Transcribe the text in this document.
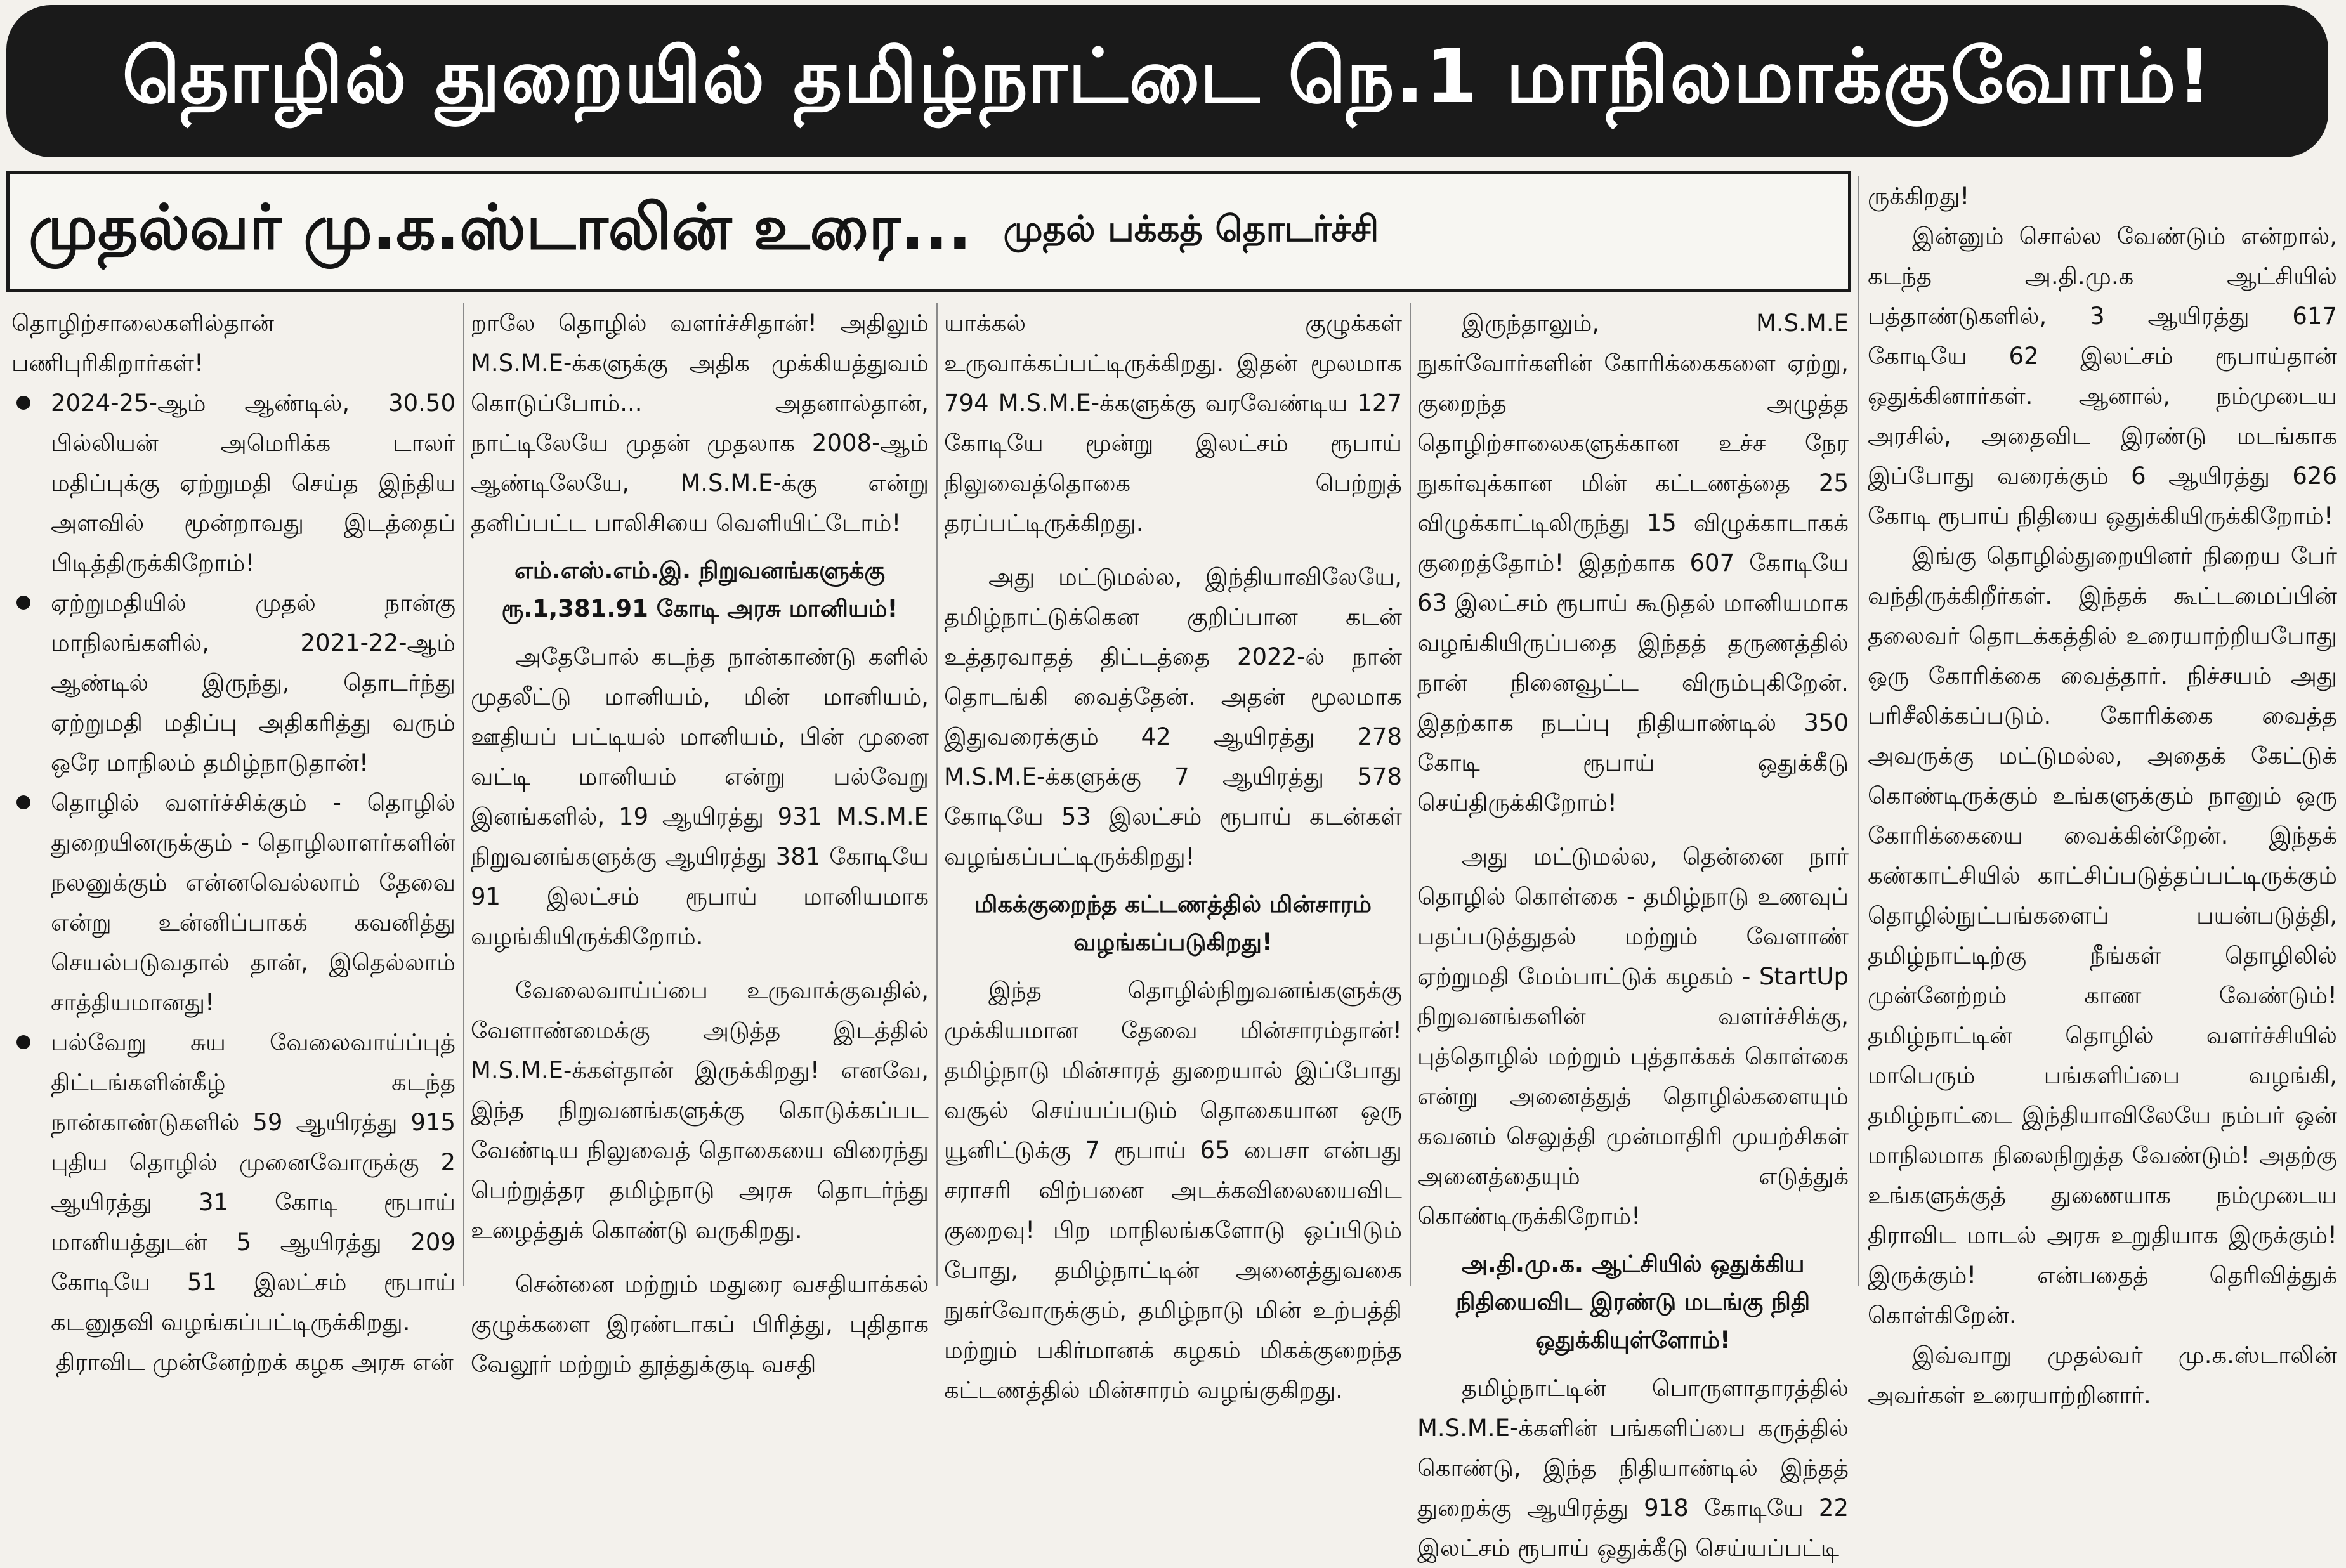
தொழில் துறையில் தமிழ்நாட்டை நெ.1 மாநிலமாக்குவோம்!
முதல்வர் மு.க.ஸ்டாலின் உரை... முதல் பக்கத் தொடர்ச்சி

தொழிற்சாலைகளில்தான் பணிபுரிகிறார்கள்!

2024-25-ஆம் ஆண்டில், 30.50 பில்லியன் அமெரிக்க டாலர் மதிப்புக்கு ஏற்றுமதி செய்த இந்திய அளவில் மூன்றாவது இடத்தைப் பிடித்திருக்கிறோம்!
ஏற்றுமதியில் முதல் நான்கு மாநிலங்களில், 2021-22-ஆம் ஆண்டில் இருந்து, தொடர்ந்து ஏற்றுமதி மதிப்பு அதிகரித்து வரும் ஒரே மாநிலம் தமிழ்நாடுதான்!
தொழில் வளர்ச்சிக்கும் - தொழில் துறையினருக்கும் - தொழிலாளர்களின் நலனுக்கும் என்னவெல்லாம் தேவை என்று உன்னிப்பாகக் கவனித்து செயல்படுவதால் தான், இதெல்லாம் சாத்தியமானது!
பல்வேறு சுய வேலைவாய்ப்புத் திட்டங்களின்கீழ் கடந்த நான்காண்டுகளில் 59 ஆயிரத்து 915 புதிய தொழில் முனைவோருக்கு 2 ஆயிரத்து 31 கோடி ரூபாய் மானியத்துடன் 5 ஆயிரத்து 209 கோடியே 51 இலட்சம் ரூபாய் கடனுதவி வழங்கப்பட்டிருக்கிறது.

திராவிட முன்னேற்றக் கழக அரசு என்

றாலே தொழில் வளர்ச்சிதான்! அதிலும் M.S.M.E-க்களுக்கு அதிக முக்கியத்துவம் கொடுப்போம்... அதனால்தான், நாட்டிலேயே முதன் முதலாக 2008-ஆம் ஆண்டிலேயே, M.S.M.E-க்கு என்று தனிப்பட்ட பாலிசியை வெளியிட்டோம்!

எம்.எஸ்.எம்.இ. நிறுவனங்களுக்கு ரூ.1,381.91 கோடி அரசு மானியம்!

அதேபோல் கடந்த நான்காண்டு களில் முதலீட்டு மானியம், மின் மானியம், ஊதியப் பட்டியல் மானியம், பின் முனை வட்டி மானியம் என்று பல்வேறு இனங்களில், 19 ஆயிரத்து 931 M.S.M.E நிறுவனங்களுக்கு ஆயிரத்து 381 கோடியே 91 இலட்சம் ரூபாய் மானியமாக வழங்கியிருக்கிறோம்.

வேலைவாய்ப்பை உருவாக்குவதில், வேளாண்மைக்கு அடுத்த இடத்தில் M.S.M.E-க்கள்தான் இருக்கிறது! எனவே, இந்த நிறுவனங்களுக்கு கொடுக்கப்பட வேண்டிய நிலுவைத் தொகையை விரைந்து பெற்றுத்தர தமிழ்நாடு அரசு தொடர்ந்து உழைத்துக் கொண்டு வருகிறது.

சென்னை மற்றும் மதுரை வசதியாக்கல் குழுக்களை இரண்டாகப் பிரித்து, புதிதாக வேலூர் மற்றும் தூத்துக்குடி வசதி

யாக்கல் குழுக்கள் உருவாக்கப்பட்டிருக்கிறது. இதன் மூலமாக 794 M.S.M.E-க்களுக்கு வரவேண்டிய 127 கோடியே மூன்று இலட்சம் ரூபாய் நிலுவைத்தொகை பெற்றுத் தரப்பட்டிருக்கிறது.

அது மட்டுமல்ல, இந்தியாவிலேயே, தமிழ்நாட்டுக்கென குறிப்பான கடன் உத்தரவாதத் திட்டத்தை 2022-ல் நான் தொடங்கி வைத்தேன். அதன் மூலமாக இதுவரைக்கும் 42 ஆயிரத்து 278 M.S.M.E-க்களுக்கு 7 ஆயிரத்து 578 கோடியே 53 இலட்சம் ரூபாய் கடன்கள் வழங்கப்பட்டிருக்கிறது!

மிகக்குறைந்த கட்டணத்தில் மின்சாரம் வழங்கப்படுகிறது!

இந்த தொழில்நிறுவனங்களுக்கு முக்கியமான தேவை மின்சாரம்தான்! தமிழ்நாடு மின்சாரத் துறையால் இப்போது வசூல் செய்யப்படும் தொகையான ஒரு யூனிட்டுக்கு 7 ரூபாய் 65 பைசா என்பது சராசரி விற்பனை அடக்கவிலையைவிட குறைவு! பிற மாநிலங்களோடு ஒப்பிடும் போது, தமிழ்நாட்டின் அனைத்துவகை நுகர்வோருக்கும், தமிழ்நாடு மின் உற்பத்தி மற்றும் பகிர்மானக் கழகம் மிகக்குறைந்த கட்டணத்தில் மின்சாரம் வழங்குகிறது.

இருந்தாலும், M.S.M.E நுகர்வோர்களின் கோரிக்கைகளை ஏற்று, குறைந்த அழுத்த தொழிற்சாலைகளுக்கான உச்ச நேர நுகர்வுக்கான மின் கட்டணத்தை 25 விழுக்காட்டிலிருந்து 15 விழுக்காடாகக் குறைத்தோம்! இதற்காக 607 கோடியே 63 இலட்சம் ரூபாய் கூடுதல் மானியமாக வழங்கியிருப்பதை இந்தத் தருணத்தில் நான் நினைவூட்ட விரும்புகிறேன். இதற்காக நடப்பு நிதியாண்டில் 350 கோடி ரூபாய் ஒதுக்கீடு செய்திருக்கிறோம்!

அது மட்டுமல்ல, தென்னை நார் தொழில் கொள்கை - தமிழ்நாடு உணவுப் பதப்படுத்துதல் மற்றும் வேளாண் ஏற்றுமதி மேம்பாட்டுக் கழகம் - StartUp நிறுவனங்களின் வளர்ச்சிக்கு, புத்தொழில் மற்றும் புத்தாக்கக் கொள்கை என்று அனைத்துத் தொழில்களையும் கவனம் செலுத்தி முன்மாதிரி முயற்சிகள் அனைத்தையும் எடுத்துக் கொண்டிருக்கிறோம்!

அ.தி.மு.க. ஆட்சியில் ஒதுக்கிய நிதியைவிட இரண்டு மடங்கு நிதி ஒதுக்கியுள்ளோம்!

தமிழ்நாட்டின் பொருளாதாரத்தில் M.S.M.E-க்களின் பங்களிப்பை கருத்தில் கொண்டு, இந்த நிதியாண்டில் இந்தத் துறைக்கு ஆயிரத்து 918 கோடியே 22 இலட்சம் ரூபாய் ஒதுக்கீடு செய்யப்பட்டி

ருக்கிறது!

இன்னும் சொல்ல வேண்டும் என்றால், கடந்த அ.தி.மு.க ஆட்சியில் பத்தாண்டுகளில், 3 ஆயிரத்து 617 கோடியே 62 இலட்சம் ரூபாய்தான் ஒதுக்கினார்கள். ஆனால், நம்முடைய அரசில், அதைவிட இரண்டு மடங்காக இப்போது வரைக்கும் 6 ஆயிரத்து 626 கோடி ரூபாய் நிதியை ஒதுக்கியிருக்கிறோம்!

இங்கு தொழில்துறையினர் நிறைய பேர் வந்திருக்கிறீர்கள். இந்தக் கூட்டமைப்பின் தலைவர் தொடக்கத்தில் உரையாற்றியபோது ஒரு கோரிக்கை வைத்தார். நிச்சயம் அது பரிசீலிக்கப்படும். கோரிக்கை வைத்த அவருக்கு மட்டுமல்ல, அதைக் கேட்டுக் கொண்டிருக்கும் உங்களுக்கும் நானும் ஒரு கோரிக்கையை வைக்கின்றேன். இந்தக் கண்காட்சியில் காட்சிப்படுத்தப்பட்டிருக்கும் தொழில்நுட்பங்களைப் பயன்படுத்தி, தமிழ்நாட்டிற்கு நீங்கள் தொழிலில் முன்னேற்றம் காண வேண்டும்! தமிழ்நாட்டின் தொழில் வளர்ச்சியில் மாபெரும் பங்களிப்பை வழங்கி, தமிழ்நாட்டை இந்தியாவிலேயே நம்பர் ஒன் மாநிலமாக நிலைநிறுத்த வேண்டும்! அதற்கு உங்களுக்குத் துணையாக நம்முடைய திராவிட மாடல் அரசு உறுதியாக இருக்கும்! இருக்கும்! என்பதைத் தெரிவித்துக் கொள்கிறேன்.

இவ்வாறு முதல்வர் மு.க.ஸ்டாலின் அவர்கள் உரையாற்றினார்.
